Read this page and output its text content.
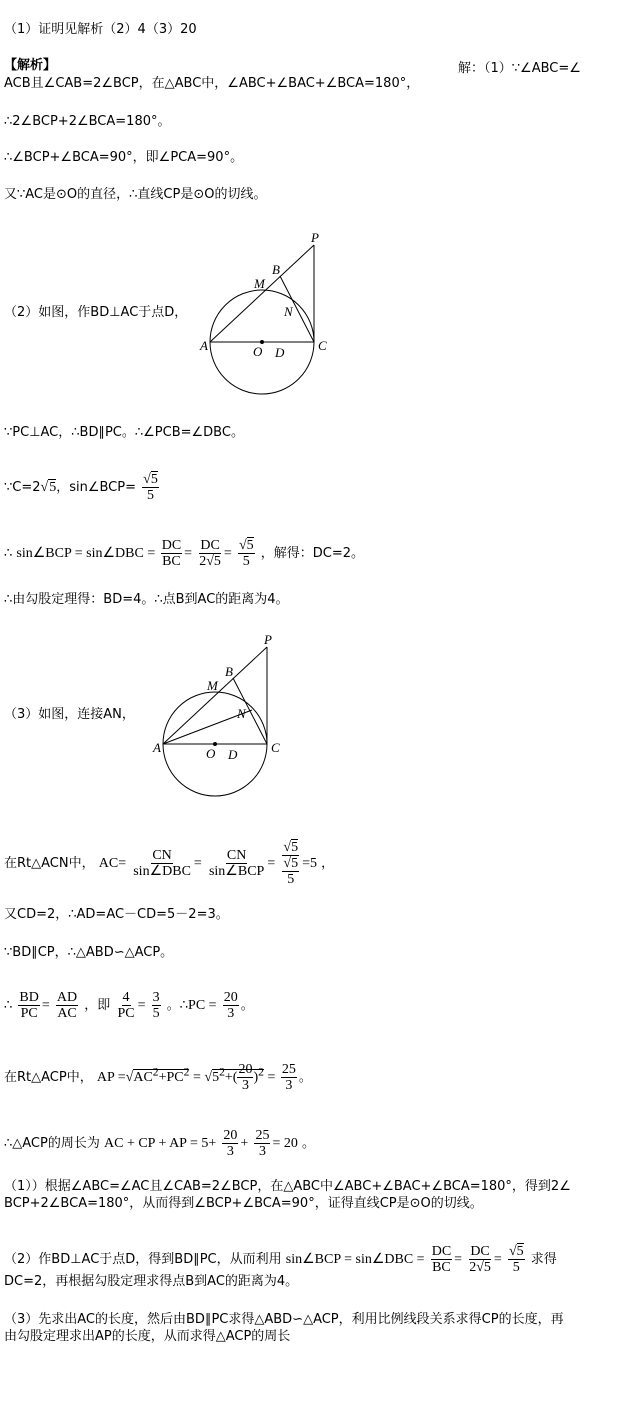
（1）证明见解析（2）4（3）20
【解析】	解：（1）∵∠ABC=∠
ACB且∠CAB=2∠BCP，在△ABC中，∠ABC+∠BAC+∠BCA=180°，
∴2∠BCP+2∠BCA=180°。
∴∠BCP+∠BCA=90°，即∠PCA=90°。
又∵AC是⊙O的直径，∴直线CP是⊙O的切线。
（2）如图，作BD⊥AC于点D，
P
B
M
N
A	O D	C
∵PC⊥AC，∴BD∥PC。∴∠PCB=∠DBC。
∵C=2√5，sin∠BCP= $\frac{√5}{5}$
∴ sin∠BCP = sin∠DBC = $\frac{DC}{BC} = \frac{DC}{2√5} = \frac{√5}{5}$ ，解得：DC=2。
∴由勾股定理得：BD=4。∴点B到AC的距离为4。
（3）如图，连接AN，
P
B
M
N
A	O D	C
在Rt△ACN中， $AC= \frac{CN}{\text{sin∠DBC}} = \frac{CN}{\text{sin∠BCP}} = \frac{√5}{\frac{√5}{5}} =5$ ，
又CD=2，∴AD=AC－CD=5－2=3。
∵BD∥CP，∴△ABD∽△ACP。
∴ $\frac{BD}{PC} = \frac{AD}{AC}$ ，即 $\frac{4}{PC} = \frac{3}{5}$ 。∴PC = $\frac{20}{3}$ 。
在Rt△ACP中， AP $=√AC^2+PC^2 = √5^2+( \frac{20}{3} )^2 = \frac{25}{3}$ 。
∴△ACP的周长为 AC + CP + AP = $5+ \frac{20}{3} + \frac{25}{3} = 20$ 。
（1））根据∠ABC=∠AC且∠CAB=2∠BCP，在△ABC中∠ABC+∠BAC+∠BCA=180°，得到2∠
BCP+2∠BCA=180°，从而得到∠BCP+∠BCA=90°，证得直线CP是⊙O的切线。
（2）作BD⊥AC于点D，得到BD∥PC，从而利用 sin∠BCP = sin∠DBC = $\frac{DC}{BC} = \frac{DC}{2√5} = \frac{√5}{5}$ 求得
DC=2，再根据勾股定理求得点B到AC的距离为4。
（3）先求出AC的长度，然后由BD∥PC求得△ABD∽△ACP，利用比例线段关系求得CP的长度，再
由勾股定理求出AP的长度，从而求得△ACP的周长
